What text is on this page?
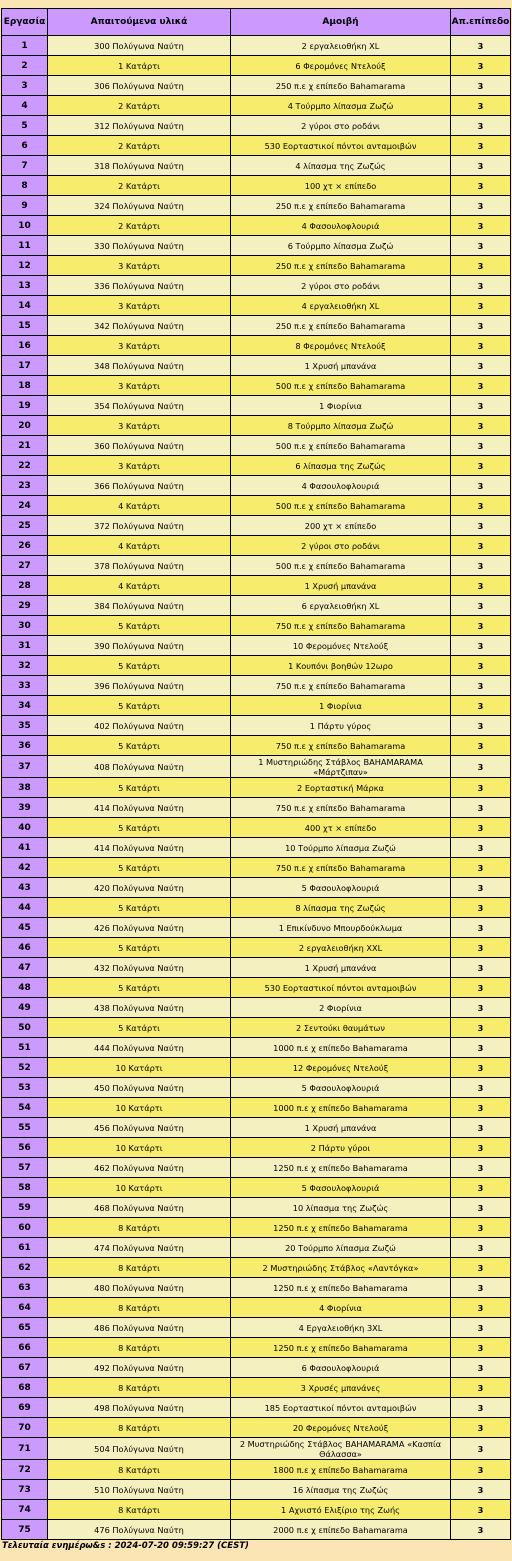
Εργασία	Απαιτούμενα υλικά	Αμοιβή	Απ.επίπεδο
1	300 Πολύγωνα Ναύτη	2 εργαλειοθήκη XL	3
2	1 Κατάρτι	6 Φερομόνες Ντελούξ	3
3	306 Πολύγωνα Ναύτη	250 π.ε χ επίπεδο Bahamarama	3
4	2 Κατάρτι	4 Τούρμπο λίπασμα Ζωζώ	3
5	312 Πολύγωνα Ναύτη	2 γύροι στο ροδάνι	3
6	2 Κατάρτι	530 Εορταστικοί πόντοι ανταμοιβών	3
7	318 Πολύγωνα Ναύτη	4 λίπασμα της Ζωζώς	3
8	2 Κατάρτι	100 χτ × επίπεδο	3
9	324 Πολύγωνα Ναύτη	250 π.ε χ επίπεδο Bahamarama	3
10	2 Κατάρτι	4 Φασουλοφλουριά	3
11	330 Πολύγωνα Ναύτη	6 Τούρμπο λίπασμα Ζωζώ	3
12	3 Κατάρτι	250 π.ε χ επίπεδο Bahamarama	3
13	336 Πολύγωνα Ναύτη	2 γύροι στο ροδάνι	3
14	3 Κατάρτι	4 εργαλειοθήκη XL	3
15	342 Πολύγωνα Ναύτη	250 π.ε χ επίπεδο Bahamarama	3
16	3 Κατάρτι	8 Φερομόνες Ντελούξ	3
17	348 Πολύγωνα Ναύτη	1 Χρυσή μπανάνα	3
18	3 Κατάρτι	500 π.ε χ επίπεδο Bahamarama	3
19	354 Πολύγωνα Ναύτη	1 Φιορίνια	3
20	3 Κατάρτι	8 Τούρμπο λίπασμα Ζωζώ	3
21	360 Πολύγωνα Ναύτη	500 π.ε χ επίπεδο Bahamarama	3
22	3 Κατάρτι	6 λίπασμα της Ζωζώς	3
23	366 Πολύγωνα Ναύτη	4 Φασουλοφλουριά	3
24	4 Κατάρτι	500 π.ε χ επίπεδο Bahamarama	3
25	372 Πολύγωνα Ναύτη	200 χτ × επίπεδο	3
26	4 Κατάρτι	2 γύροι στο ροδάνι	3
27	378 Πολύγωνα Ναύτη	500 π.ε χ επίπεδο Bahamarama	3
28	4 Κατάρτι	1 Χρυσή μπανάνα	3
29	384 Πολύγωνα Ναύτη	6 εργαλειοθήκη XL	3
30	5 Κατάρτι	750 π.ε χ επίπεδο Bahamarama	3
31	390 Πολύγωνα Ναύτη	10 Φερομόνες Ντελούξ	3
32	5 Κατάρτι	1 Κουπόνι βοηθών 12ωρο	3
33	396 Πολύγωνα Ναύτη	750 π.ε χ επίπεδο Bahamarama	3
34	5 Κατάρτι	1 Φιορίνια	3
35	402 Πολύγωνα Ναύτη	1 Πάρτυ γύρος	3
36	5 Κατάρτι	750 π.ε χ επίπεδο Bahamarama	3
37	408 Πολύγωνα Ναύτη	1 Μυστηριώδης Στάβλος BAHAMARAMA «Μάρτζιπαν»	3
38	5 Κατάρτι	2 Εορταστική Μάρκα	3
39	414 Πολύγωνα Ναύτη	750 π.ε χ επίπεδο Bahamarama	3
40	5 Κατάρτι	400 χτ × επίπεδο	3
41	414 Πολύγωνα Ναύτη	10 Τούρμπο λίπασμα Ζωζώ	3
42	5 Κατάρτι	750 π.ε χ επίπεδο Bahamarama	3
43	420 Πολύγωνα Ναύτη	5 Φασουλοφλουριά	3
44	5 Κατάρτι	8 λίπασμα της Ζωζώς	3
45	426 Πολύγωνα Ναύτη	1 Επικίνδυνο Μπουρδούκλωμα	3
46	5 Κατάρτι	2 εργαλειοθήκη XXL	3
47	432 Πολύγωνα Ναύτη	1 Χρυσή μπανάνα	3
48	5 Κατάρτι	530 Εορταστικοί πόντοι ανταμοιβών	3
49	438 Πολύγωνα Ναύτη	2 Φιορίνια	3
50	5 Κατάρτι	2 Σεντούκι θαυμάτων	3
51	444 Πολύγωνα Ναύτη	1000 π.ε χ επίπεδο Bahamarama	3
52	10 Κατάρτι	12 Φερομόνες Ντελούξ	3
53	450 Πολύγωνα Ναύτη	5 Φασουλοφλουριά	3
54	10 Κατάρτι	1000 π.ε χ επίπεδο Bahamarama	3
55	456 Πολύγωνα Ναύτη	1 Χρυσή μπανάνα	3
56	10 Κατάρτι	2 Πάρτυ γύροι	3
57	462 Πολύγωνα Ναύτη	1250 π.ε χ επίπεδο Bahamarama	3
58	10 Κατάρτι	5 Φασουλοφλουριά	3
59	468 Πολύγωνα Ναύτη	10 λίπασμα της Ζωζώς	3
60	8 Κατάρτι	1250 π.ε χ επίπεδο Bahamarama	3
61	474 Πολύγωνα Ναύτη	20 Τούρμπο λίπασμα Ζωζώ	3
62	8 Κατάρτι	2 Μυστηριώδης Στάβλος «Λαντόγκα»	3
63	480 Πολύγωνα Ναύτη	1250 π.ε χ επίπεδο Bahamarama	3
64	8 Κατάρτι	4 Φιορίνια	3
65	486 Πολύγωνα Ναύτη	4 Εργαλειοθήκη 3XL	3
66	8 Κατάρτι	1250 π.ε χ επίπεδο Bahamarama	3
67	492 Πολύγωνα Ναύτη	6 Φασουλοφλουριά	3
68	8 Κατάρτι	3 Χρυσές μπανάνες	3
69	498 Πολύγωνα Ναύτη	185 Εορταστικοί πόντοι ανταμοιβών	3
70	8 Κατάρτι	20 Φερομόνες Ντελούξ	3
71	504 Πολύγωνα Ναύτη	2 Μυστηριώδης Στάβλος BAHAMARAMA «Κασπία Θάλασσα»	3
72	8 Κατάρτι	1800 π.ε χ επίπεδο Bahamarama	3
73	510 Πολύγωνα Ναύτη	16 λίπασμα της Ζωζώς	3
74	8 Κατάρτι	1 Αχνιστό Ελιξίριο της Ζωής	3
75	476 Πολύγωνα Ναύτη	2000 π.ε χ επίπεδο Bahamarama	3
Τελευταία ενημέρω&s : 2024-07-20 09:59:27 (CEST)
